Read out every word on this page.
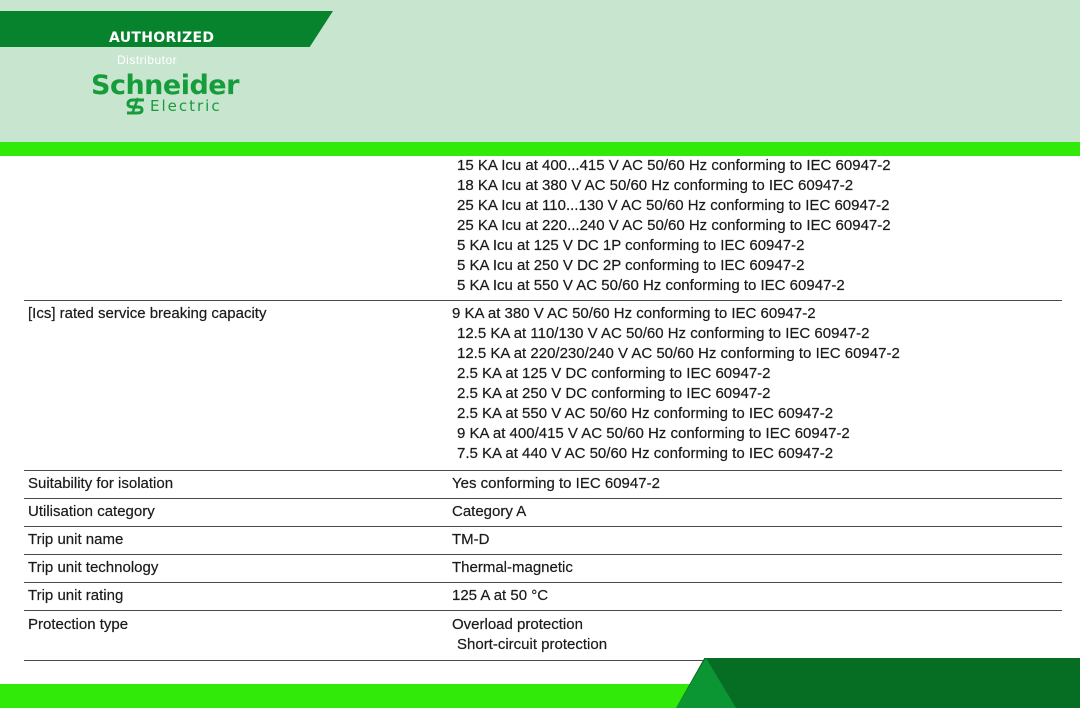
AUTHORIZED
Distributor
Schneider
Electric
15 KA Icu at 400...415 V AC 50/60 Hz conforming to IEC 60947-2
18 KA Icu at 380 V AC 50/60 Hz conforming to IEC 60947-2
25 KA Icu at 110...130 V AC 50/60 Hz conforming to IEC 60947-2
25 KA Icu at 220...240 V AC 50/60 Hz conforming to IEC 60947-2
5 KA Icu at 125 V DC 1P conforming to IEC 60947-2
5 KA Icu at 250 V DC 2P conforming to IEC 60947-2
5 KA Icu at 550 V AC 50/60 Hz conforming to IEC 60947-2
[Ics] rated service breaking capacity	9 KA at 380 V AC 50/60 Hz conforming to IEC 60947-2
12.5 KA at 110/130 V AC 50/60 Hz conforming to IEC 60947-2
12.5 KA at 220/230/240 V AC 50/60 Hz conforming to IEC 60947-2
2.5 KA at 125 V DC conforming to IEC 60947-2
2.5 KA at 250 V DC conforming to IEC 60947-2
2.5 KA at 550 V AC 50/60 Hz conforming to IEC 60947-2
9 KA at 400/415 V AC 50/60 Hz conforming to IEC 60947-2
7.5 KA at 440 V AC 50/60 Hz conforming to IEC 60947-2
Suitability for isolation	Yes conforming to IEC 60947-2
Utilisation category	Category A
Trip unit name	TM-D
Trip unit technology	Thermal-magnetic
Trip unit rating	125 A at 50 °C
Protection type	Overload protection
Short-circuit protection
